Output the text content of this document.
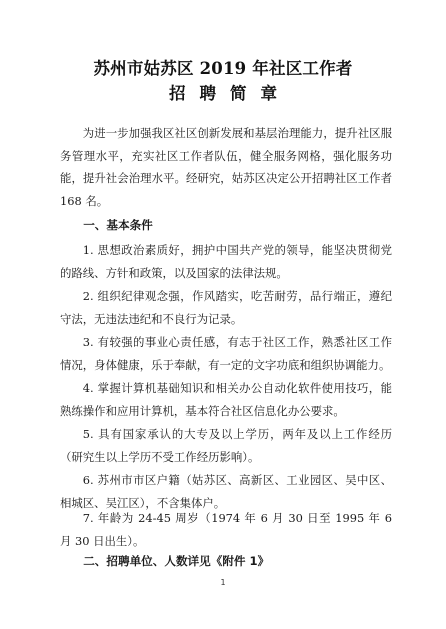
苏州市姑苏区 2019 年社区工作者
招聘简章

为进一步加强我区社区创新发展和基层治理能力，提升社区服务管理水平，充实社区工作者队伍，健全服务网格，强化服务功能，提升社会治理水平。经研究，姑苏区决定公开招聘社区工作者 168 名。

一、基本条件

1. 思想政治素质好，拥护中国共产党的领导，能坚决贯彻党的路线、方针和政策，以及国家的法律法规。

2. 组织纪律观念强，作风踏实，吃苦耐劳，品行端正，遵纪守法，无违法违纪和不良行为记录。

3. 有较强的事业心责任感，有志于社区工作，熟悉社区工作情况，身体健康，乐于奉献，有一定的文字功底和组织协调能力。

4. 掌握计算机基础知识和相关办公自动化软件使用技巧，能熟练操作和应用计算机，基本符合社区信息化办公要求。

5. 具有国家承认的大专及以上学历，两年及以上工作经历（研究生以上学历不受工作经历影响）。

6. 苏州市市区户籍（姑苏区、高新区、工业园区、吴中区、相城区、吴江区），不含集体户。

7. 年龄为 24-45 周岁（1974 年 6 月 30 日至 1995 年 6 月 30 日出生）。

二、招聘单位、人数详见《附件 1》
1
